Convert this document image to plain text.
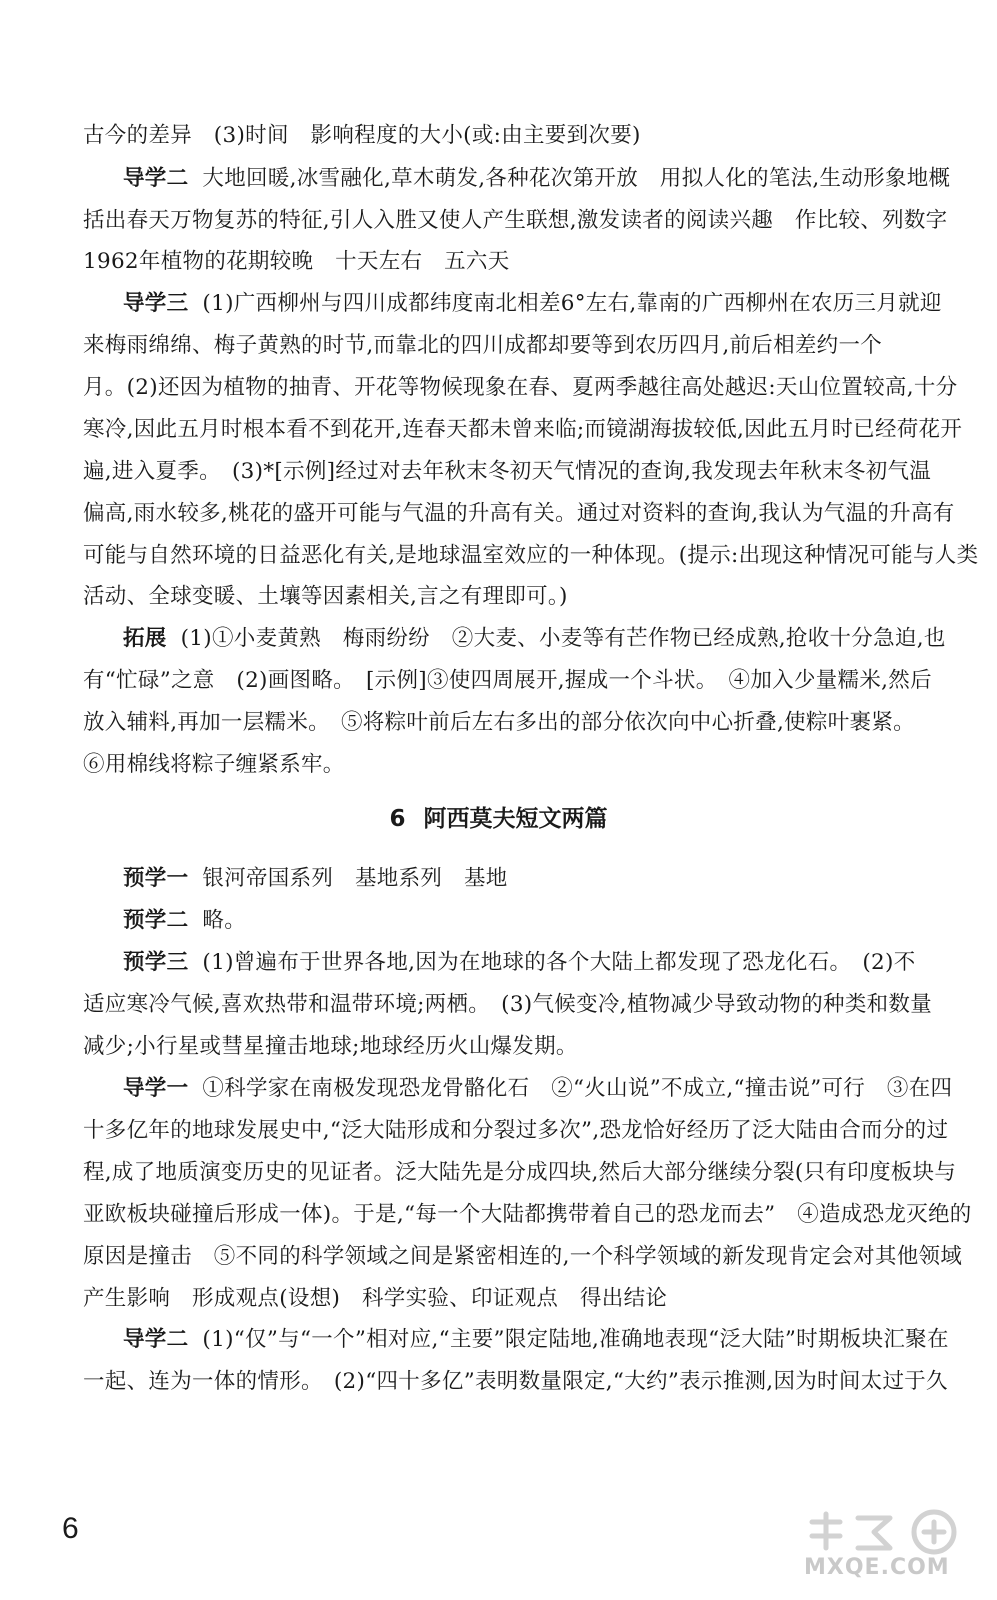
古今的差异　(3)时间　影响程度的大小(或:由主要到次要)
导学二 大地回暖,冰雪融化,草木萌发,各种花次第开放　用拟人化的笔法,生动形象地概
括出春天万物复苏的特征,引人入胜又使人产生联想,激发读者的阅读兴趣　作比较、列数字
1962年植物的花期较晚　十天左右　五六天
导学三 (1)广西柳州与四川成都纬度南北相差6°左右,靠南的广西柳州在农历三月就迎
来梅雨绵绵、梅子黄熟的时节,而靠北的四川成都却要等到农历四月,前后相差约一个
月。(2)还因为植物的抽青、开花等物候现象在春、夏两季越往高处越迟:天山位置较高,十分
寒冷,因此五月时根本看不到花开,连春天都未曾来临;而镜湖海拔较低,因此五月时已经荷花开
遍,进入夏季。　(3)*[示例]经过对去年秋末冬初天气情况的查询,我发现去年秋末冬初气温
偏高,雨水较多,桃花的盛开可能与气温的升高有关。通过对资料的查询,我认为气温的升高有
可能与自然环境的日益恶化有关,是地球温室效应的一种体现。(提示:出现这种情况可能与人类
活动、全球变暖、土壤等因素相关,言之有理即可。)
拓展 (1)①小麦黄熟　梅雨纷纷　②大麦、小麦等有芒作物已经成熟,抢收十分急迫,也
有“忙碌”之意　(2)画图略。　[示例]③使四周展开,握成一个斗状。　④加入少量糯米,然后
放入辅料,再加一层糯米。　⑤将粽叶前后左右多出的部分依次向中心折叠,使粽叶裹紧。
⑥用棉线将粽子缠紧系牢。
6 阿西莫夫短文两篇
预学一 银河帝国系列　基地系列　基地
预学二 略。
预学三 (1)曾遍布于世界各地,因为在地球的各个大陆上都发现了恐龙化石。　(2)不
适应寒冷气候,喜欢热带和温带环境;两栖。　(3)气候变冷,植物减少导致动物的种类和数量
减少;小行星或彗星撞击地球;地球经历火山爆发期。
导学一 ①科学家在南极发现恐龙骨骼化石　②“火山说”不成立,“撞击说”可行　③在四
十多亿年的地球发展史中,“泛大陆形成和分裂过多次”,恐龙恰好经历了泛大陆由合而分的过
程,成了地质演变历史的见证者。泛大陆先是分成四块,然后大部分继续分裂(只有印度板块与
亚欧板块碰撞后形成一体)。于是,“每一个大陆都携带着自己的恐龙而去”　④造成恐龙灭绝的
原因是撞击　⑤不同的科学领域之间是紧密相连的,一个科学领域的新发现肯定会对其他领域
产生影响　形成观点(设想)　科学实验、印证观点　得出结论
导学二 (1)“仅”与“一个”相对应,“主要”限定陆地,准确地表现“泛大陆”时期板块汇聚在
一起、连为一体的情形。　(2)“四十多亿”表明数量限定,“大约”表示推测,因为时间太过于久
6
MXQE.COM
